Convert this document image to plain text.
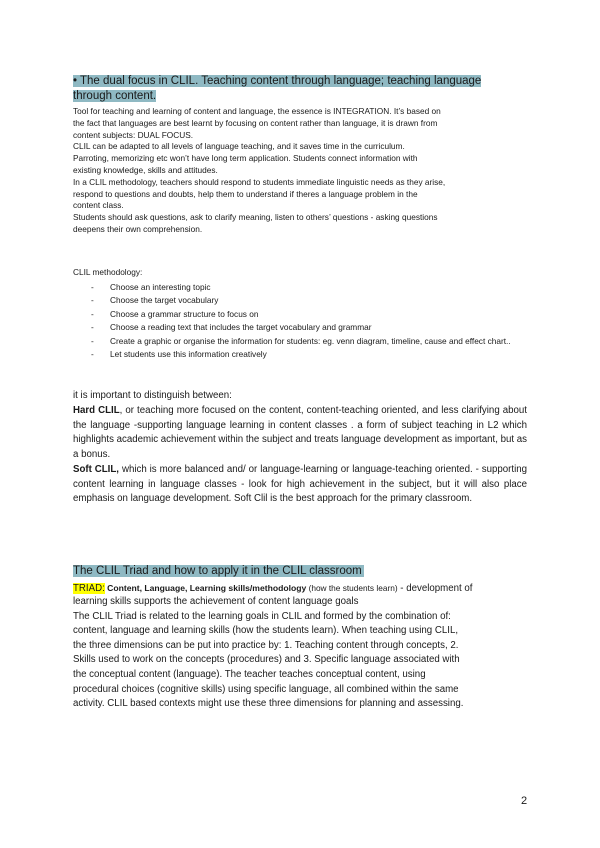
• The dual focus in CLIL. Teaching content through language; teaching language through content.
Tool for teaching and learning of content and language, the essence is INTEGRATION. It’s based on
the fact that languages are best learnt by focusing on content rather than language, it is drawn from
content subjects: DUAL FOCUS.
CLIL can be adapted to all levels of language teaching, and it saves time in the curriculum.
Parroting, memorizing etc won’t have long term application. Students connect information with
existing knowledge, skills and attitudes.
In a CLIL methodology, teachers should respond to students immediate linguistic needs as they arise,
respond to questions and doubts, help them to understand if theres a language problem in the
content class.
Students should ask questions, ask to clarify meaning, listen to others’ questions - asking questions
deepens their own comprehension.
CLIL methodology:
- Choose an interesting topic
- Choose the target vocabulary
- Choose a grammar structure to focus on
- Choose a reading text that includes the target vocabulary and grammar
- Create a graphic or organise the information for students: eg. venn diagram, timeline, cause and effect chart..
- Let students use this information creatively
it is important to distinguish between:
Hard CLIL, or teaching more focused on the content, content-teaching oriented, and less clarifying about the language -supporting language learning in content classes . a form of subject teaching in L2 which highlights academic achievement within the subject and treats language development as important, but as a bonus.
Soft CLIL, which is more balanced and/ or language-learning or language-teaching oriented. - supporting content learning in language classes - look for high achievement in the subject, but it will also place emphasis on language development. Soft Clil is the best approach for the primary classroom.
The CLIL Triad and how to apply it in the CLIL classroom
TRIAD: Content, Language, Learning skills/methodology (how the students learn) - development of
learning skills supports the achievement of content language goals
The CLIL Triad is related to the learning goals in CLIL and formed by the combination of:
content, language and learning skills (how the students learn). When teaching using CLIL,
the three dimensions can be put into practice by: 1. Teaching content through concepts, 2.
Skills used to work on the concepts (procedures) and 3. Specific language associated with
the conceptual content (language). The teacher teaches conceptual content, using
procedural choices (cognitive skills) using specific language, all combined within the same
activity. CLIL based contexts might use these three dimensions for planning and assessing.
2
